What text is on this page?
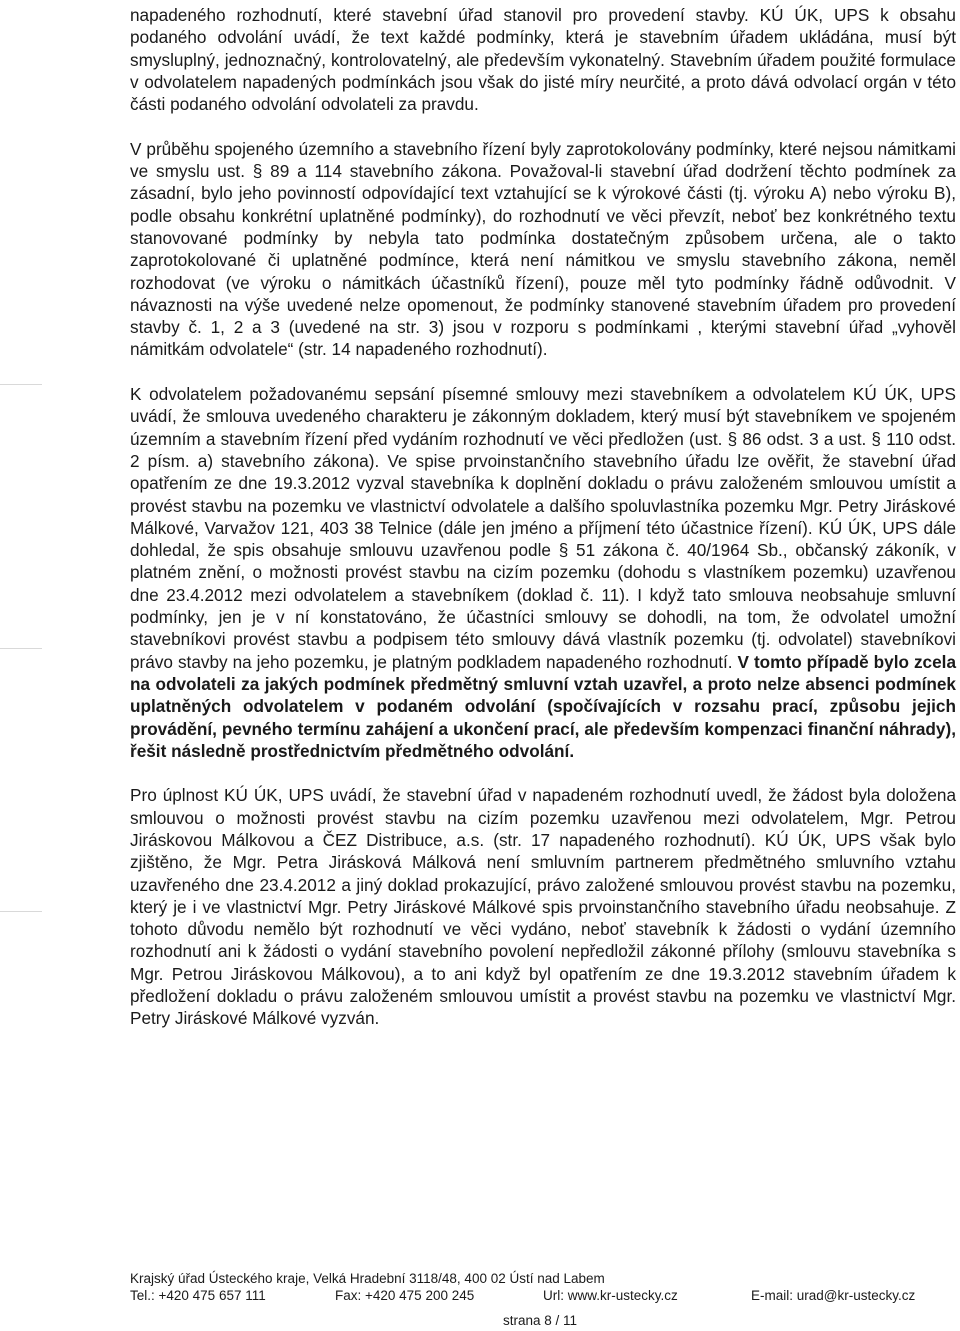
napadeného rozhodnutí, které stavební úřad stanovil pro provedení stavby. KÚ ÚK, UPS k obsahu podaného odvolání uvádí, že text každé podmínky, která je stavebním úřadem ukládána, musí být smysluplný, jednoznačný, kontrolovatelný, ale především vykonatelný. Stavebním úřadem použité formulace v odvolatelem napadených podmínkách jsou však do jisté míry neurčité, a proto dává odvolací orgán v této části podaného odvolání odvolateli za pravdu.

V průběhu spojeného územního a stavebního řízení byly zaprotokolovány podmínky, které nejsou námitkami ve smyslu ust. § 89 a 114 stavebního zákona. Považoval-li stavební úřad dodržení těchto podmínek za zásadní, bylo jeho povinností odpovídající text vztahující se k výrokové části (tj. výroku A) nebo výroku B), podle obsahu konkrétní uplatněné podmínky), do rozhodnutí ve věci převzít, neboť bez konkrétného textu stanovované podmínky by nebyla tato podmínka dostatečným způsobem určena, ale o takto zaprotokolované či uplatněné podmínce, která není námitkou ve smyslu stavebního zákona, neměl rozhodovat (ve výroku o námitkách účastníků řízení), pouze měl tyto podmínky řádně odůvodnit. V návaznosti na výše uvedené nelze opomenout, že podmínky stanovené stavebním úřadem pro provedení stavby č. 1, 2 a 3 (uvedené na str. 3) jsou v rozporu s podmínkami , kterými stavební úřad „vyhověl námitkám odvolatele“ (str. 14 napadeného rozhodnutí).

K odvolatelem požadovanému sepsání písemné smlouvy mezi stavebníkem a odvolatelem KÚ ÚK, UPS uvádí, že smlouva uvedeného charakteru je zákonným dokladem, který musí být stavebníkem ve spojeném územním a stavebním řízení před vydáním rozhodnutí ve věci předložen (ust. § 86 odst. 3 a ust. § 110 odst. 2 písm. a) stavebního zákona). Ve spise prvoinstančního stavebního úřadu lze ověřit, že stavební úřad opatřením ze dne 19.3.2012 vyzval stavebníka k doplnění dokladu o právu založeném smlouvou umístit a provést stavbu na pozemku ve vlastnictví odvolatele a dalšího spoluvlastníka pozemku Mgr. Petry Jiráskové Málkové, Varvažov 121, 403 38 Telnice (dále jen jméno a příjmení této účastnice řízení). KÚ ÚK, UPS dále dohledal, že spis obsahuje smlouvu uzavřenou podle § 51 zákona č. 40/1964 Sb., občanský zákoník, v platném znění, o možnosti provést stavbu na cizím pozemku (dohodu s vlastníkem pozemku) uzavřenou dne 23.4.2012 mezi odvolatelem a stavebníkem (doklad č. 11). I když tato smlouva neobsahuje smluvní podmínky, jen je v ní konstatováno, že účastníci smlouvy se dohodli, na tom, že odvolatel umožní stavebníkovi provést stavbu a podpisem této smlouvy dává vlastník pozemku (tj. odvolatel) stavebníkovi právo stavby na jeho pozemku, je platným podkladem napadeného rozhodnutí. V tomto případě bylo zcela na odvolateli za jakých podmínek předmětný smluvní vztah uzavřel, a proto nelze absenci podmínek uplatněných odvolatelem v podaném odvolání (spočívajících v rozsahu prací, způsobu jejich provádění, pevného termínu zahájení a ukončení prací, ale především kompenzaci finanční náhrady), řešit následně prostřednictvím předmětného odvolání.

Pro úplnost KÚ ÚK, UPS uvádí, že stavební úřad v napadeném rozhodnutí uvedl, že žádost byla doložena smlouvou o možnosti provést stavbu na cizím pozemku uzavřenou mezi odvolatelem, Mgr. Petrou Jiráskovou Málkovou a ČEZ Distribuce, a.s. (str. 17 napadeného rozhodnutí). KÚ ÚK, UPS však bylo zjištěno, že Mgr. Petra Jirásková Málková není smluvním partnerem předmětného smluvního vztahu uzavřeného dne 23.4.2012 a jiný doklad prokazující, právo založené smlouvou provést stavbu na pozemku, který je i ve vlastnictví Mgr. Petry Jiráskové Málkové spis prvoinstančního stavebního úřadu neobsahuje. Z tohoto důvodu nemělo být rozhodnutí ve věci vydáno, neboť stavebník k žádosti o vydání územního rozhodnutí ani k žádosti o vydání stavebního povolení nepředložil zákonné přílohy (smlouvu stavebníka s Mgr. Petrou Jiráskovou Málkovou), a to ani když byl opatřením ze dne 19.3.2012 stavebním úřadem k předložení dokladu o právu založeném smlouvou umístit a provést stavbu na pozemku ve vlastnictví Mgr. Petry Jiráskové Málkové vyzván.

Krajský úřad Ústeckého kraje, Velká Hradební 3118/48, 400 02 Ústí nad Labem
Tel.: +420 475 657 111	Fax: +420 475 200 245	Url: www.kr-ustecky.cz	E-mail: urad@kr-ustecky.cz
strana 8 / 11
